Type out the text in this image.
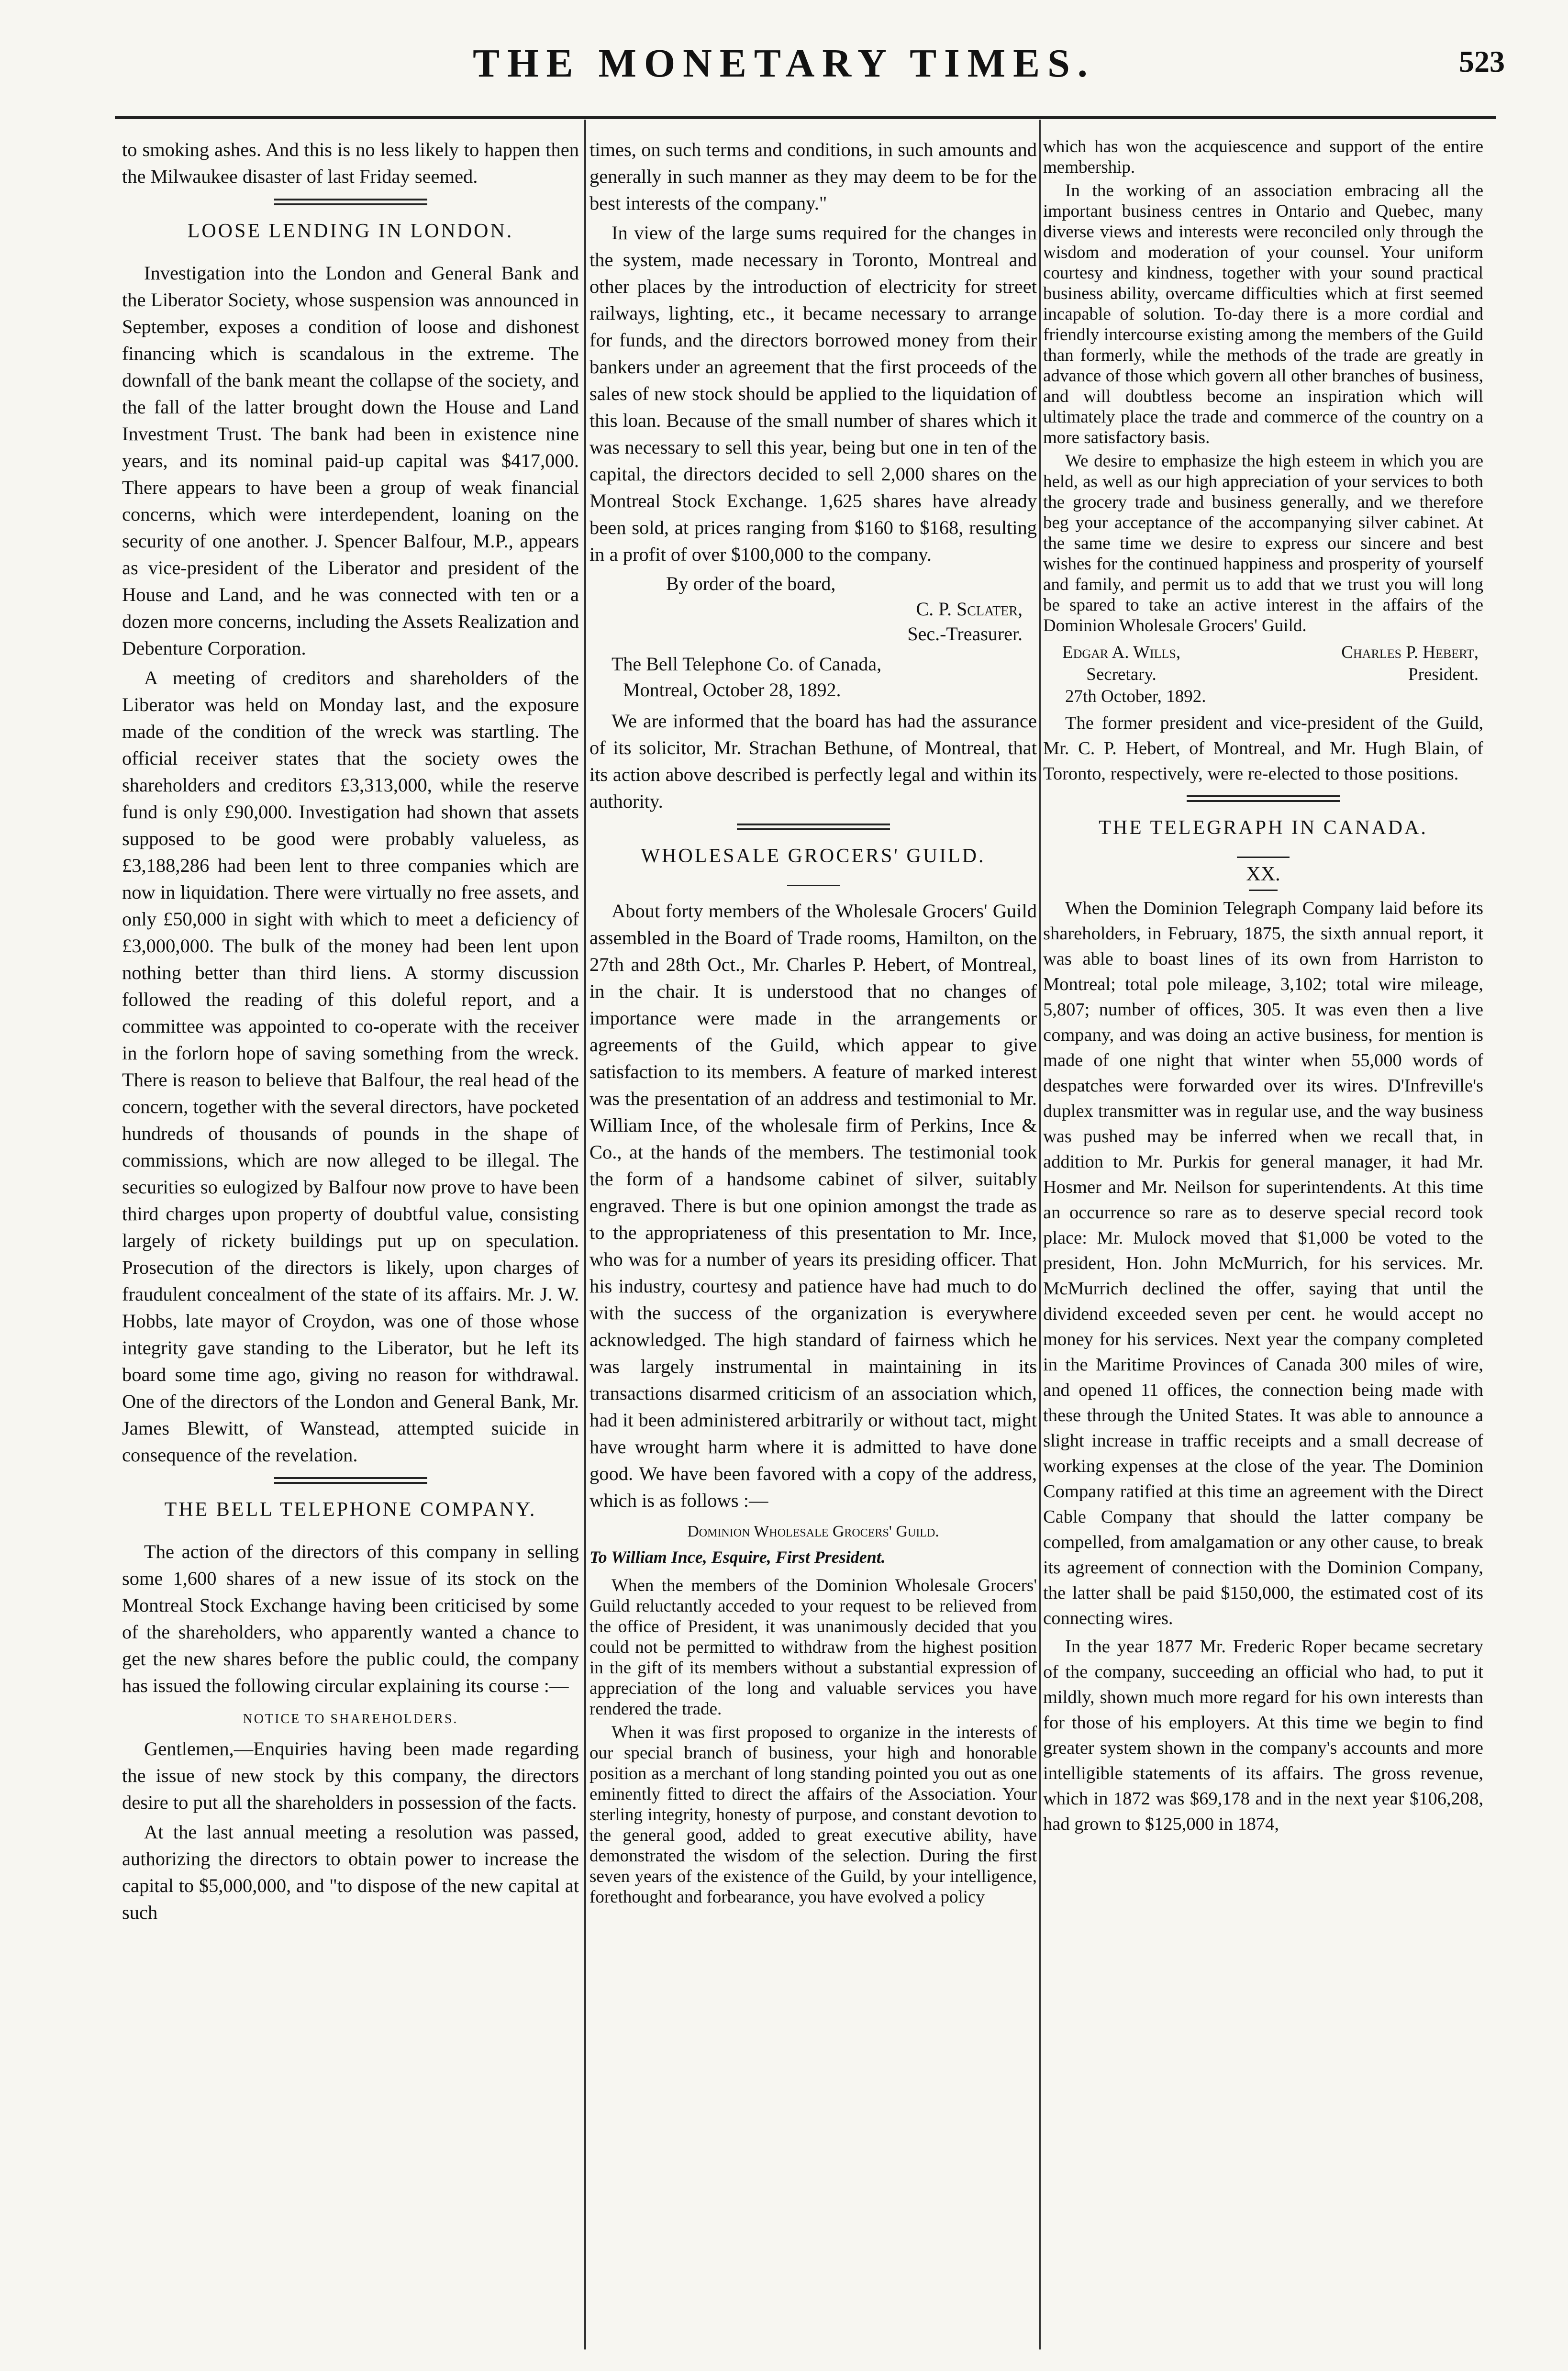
THE MONETARY TIMES.	523

to smoking ashes. And this is no less likely to happen then the Milwaukee disaster of last Friday seemed.

LOOSE LENDING IN LONDON.

Investigation into the London and General Bank and the Liberator Society, whose suspension was announced in September, exposes a condition of loose and dishonest financing which is scandalous in the extreme. The downfall of the bank meant the collapse of the society, and the fall of the latter brought down the House and Land Investment Trust. The bank had been in existence nine years, and its nominal paid-up capital was $417,000. There appears to have been a group of weak financial concerns, which were interdependent, loaning on the security of one another. J. Spencer Balfour, M.P., appears as vice-president of the Liberator and president of the House and Land, and he was connected with ten or a dozen more concerns, including the Assets Realization and Debenture Corporation.

A meeting of creditors and shareholders of the Liberator was held on Monday last, and the exposure made of the condition of the wreck was startling. The official receiver states that the society owes the shareholders and creditors £3,313,000, while the reserve fund is only £90,000. Investigation had shown that assets supposed to be good were probably valueless, as £3,188,286 had been lent to three companies which are now in liquidation. There were virtually no free assets, and only £50,000 in sight with which to meet a deficiency of £3,000,000. The bulk of the money had been lent upon nothing better than third liens. A stormy discussion followed the reading of this doleful report, and a committee was appointed to co-operate with the receiver in the forlorn hope of saving something from the wreck. There is reason to believe that Balfour, the real head of the concern, together with the several directors, have pocketed hundreds of thousands of pounds in the shape of commissions, which are now alleged to be illegal. The securities so eulogized by Balfour now prove to have been third charges upon property of doubtful value, consisting largely of rickety buildings put up on speculation. Prosecution of the directors is likely, upon charges of fraudulent concealment of the state of its affairs. Mr. J. W. Hobbs, late mayor of Croydon, was one of those whose integrity gave standing to the Liberator, but he left its board some time ago, giving no reason for withdrawal. One of the directors of the London and General Bank, Mr. James Blewitt, of Wanstead, attempted suicide in consequence of the revelation.

THE BELL TELEPHONE COMPANY.

The action of the directors of this company in selling some 1,600 shares of a new issue of its stock on the Montreal Stock Exchange having been criticised by some of the shareholders, who apparently wanted a chance to get the new shares before the public could, the company has issued the following circular explaining its course :—

NOTICE TO SHAREHOLDERS.

Gentlemen,—Enquiries having been made regarding the issue of new stock by this company, the directors desire to put all the shareholders in possession of the facts.

At the last annual meeting a resolution was passed, authorizing the directors to obtain power to increase the capital to $5,000,000, and "to dispose of the new capital at such

times, on such terms and conditions, in such amounts and generally in such manner as they may deem to be for the best interests of the company."

In view of the large sums required for the changes in the system, made necessary in Toronto, Montreal and other places by the introduction of electricity for street railways, lighting, etc., it became necessary to arrange for funds, and the directors borrowed money from their bankers under an agreement that the first proceeds of the sales of new stock should be applied to the liquidation of this loan. Because of the small number of shares which it was necessary to sell this year, being but one in ten of the capital, the directors decided to sell 2,000 shares on the Montreal Stock Exchange. 1,625 shares have already been sold, at prices ranging from $160 to $168, resulting in a profit of over $100,000 to the company.

By order of the board,
C. P. Sclater,
Sec.-Treasurer.
The Bell Telephone Co. of Canada,
Montreal, October 28, 1892.

We are informed that the board has had the assurance of its solicitor, Mr. Strachan Bethune, of Montreal, that its action above described is perfectly legal and within its authority.

WHOLESALE GROCERS' GUILD.

About forty members of the Wholesale Grocers' Guild assembled in the Board of Trade rooms, Hamilton, on the 27th and 28th Oct., Mr. Charles P. Hebert, of Montreal, in the chair. It is understood that no changes of importance were made in the arrangements or agreements of the Guild, which appear to give satisfaction to its members. A feature of marked interest was the presentation of an address and testimonial to Mr. William Ince, of the wholesale firm of Perkins, Ince & Co., at the hands of the members. The testimonial took the form of a handsome cabinet of silver, suitably engraved. There is but one opinion amongst the trade as to the appropriateness of this presentation to Mr. Ince, who was for a number of years its presiding officer. That his industry, courtesy and patience have had much to do with the success of the organization is everywhere acknowledged. The high standard of fairness which he was largely instrumental in maintaining in its transactions disarmed criticism of an association which, had it been administered arbitrarily or without tact, might have wrought harm where it is admitted to have done good. We have been favored with a copy of the address, which is as follows :—

Dominion Wholesale Grocers' Guild.

To William Ince, Esquire, First President.

When the members of the Dominion Wholesale Grocers' Guild reluctantly acceded to your request to be relieved from the office of President, it was unanimously decided that you could not be permitted to withdraw from the highest position in the gift of its members without a substantial expression of appreciation of the long and valuable services you have rendered the trade.

When it was first proposed to organize in the interests of our special branch of business, your high and honorable position as a merchant of long standing pointed you out as one eminently fitted to direct the affairs of the Association. Your sterling integrity, honesty of purpose, and constant devotion to the general good, added to great executive ability, have demonstrated the wisdom of the selection. During the first seven years of the existence of the Guild, by your intelligence, forethought and forbearance, you have evolved a policy

which has won the acquiescence and support of the entire membership.

In the working of an association embracing all the important business centres in Ontario and Quebec, many diverse views and interests were reconciled only through the wisdom and moderation of your counsel. Your uniform courtesy and kindness, together with your sound practical business ability, overcame difficulties which at first seemed incapable of solution. To-day there is a more cordial and friendly intercourse existing among the members of the Guild than formerly, while the methods of the trade are greatly in advance of those which govern all other branches of business, and will doubtless become an inspiration which will ultimately place the trade and commerce of the country on a more satisfactory basis.

We desire to emphasize the high esteem in which you are held, as well as our high appreciation of your services to both the grocery trade and business generally, and we therefore beg your acceptance of the accompanying silver cabinet. At the same time we desire to express our sincere and best wishes for the continued happiness and prosperity of yourself and family, and permit us to add that we trust you will long be spared to take an active interest in the affairs of the Dominion Wholesale Grocers' Guild.

Edgar A. Wills,
Secretary.
Charles P. Hebert,
President.
27th October, 1892.

The former president and vice-president of the Guild, Mr. C. P. Hebert, of Montreal, and Mr. Hugh Blain, of Toronto, respectively, were re-elected to those positions.

THE TELEGRAPH IN CANADA.
XX.

When the Dominion Telegraph Company laid before its shareholders, in February, 1875, the sixth annual report, it was able to boast lines of its own from Harriston to Montreal; total pole mileage, 3,102; total wire mileage, 5,807; number of offices, 305. It was even then a live company, and was doing an active business, for mention is made of one night that winter when 55,000 words of despatches were forwarded over its wires. D'Infreville's duplex transmitter was in regular use, and the way business was pushed may be inferred when we recall that, in addition to Mr. Purkis for general manager, it had Mr. Hosmer and Mr. Neilson for superintendents. At this time an occurrence so rare as to deserve special record took place: Mr. Mulock moved that $1,000 be voted to the president, Hon. John McMurrich, for his services. Mr. McMurrich declined the offer, saying that until the dividend exceeded seven per cent. he would accept no money for his services. Next year the company completed in the Maritime Provinces of Canada 300 miles of wire, and opened 11 offices, the connection being made with these through the United States. It was able to announce a slight increase in traffic receipts and a small decrease of working expenses at the close of the year. The Dominion Company ratified at this time an agreement with the Direct Cable Company that should the latter company be compelled, from amalgamation or any other cause, to break its agreement of connection with the Dominion Company, the latter shall be paid $150,000, the estimated cost of its connecting wires.

In the year 1877 Mr. Frederic Roper became secretary of the company, succeeding an official who had, to put it mildly, shown much more regard for his own interests than for those of his employers. At this time we begin to find greater system shown in the company's accounts and more intelligible statements of its affairs. The gross revenue, which in 1872 was $69,178 and in the next year $106,208, had grown to $125,000 in 1874,
